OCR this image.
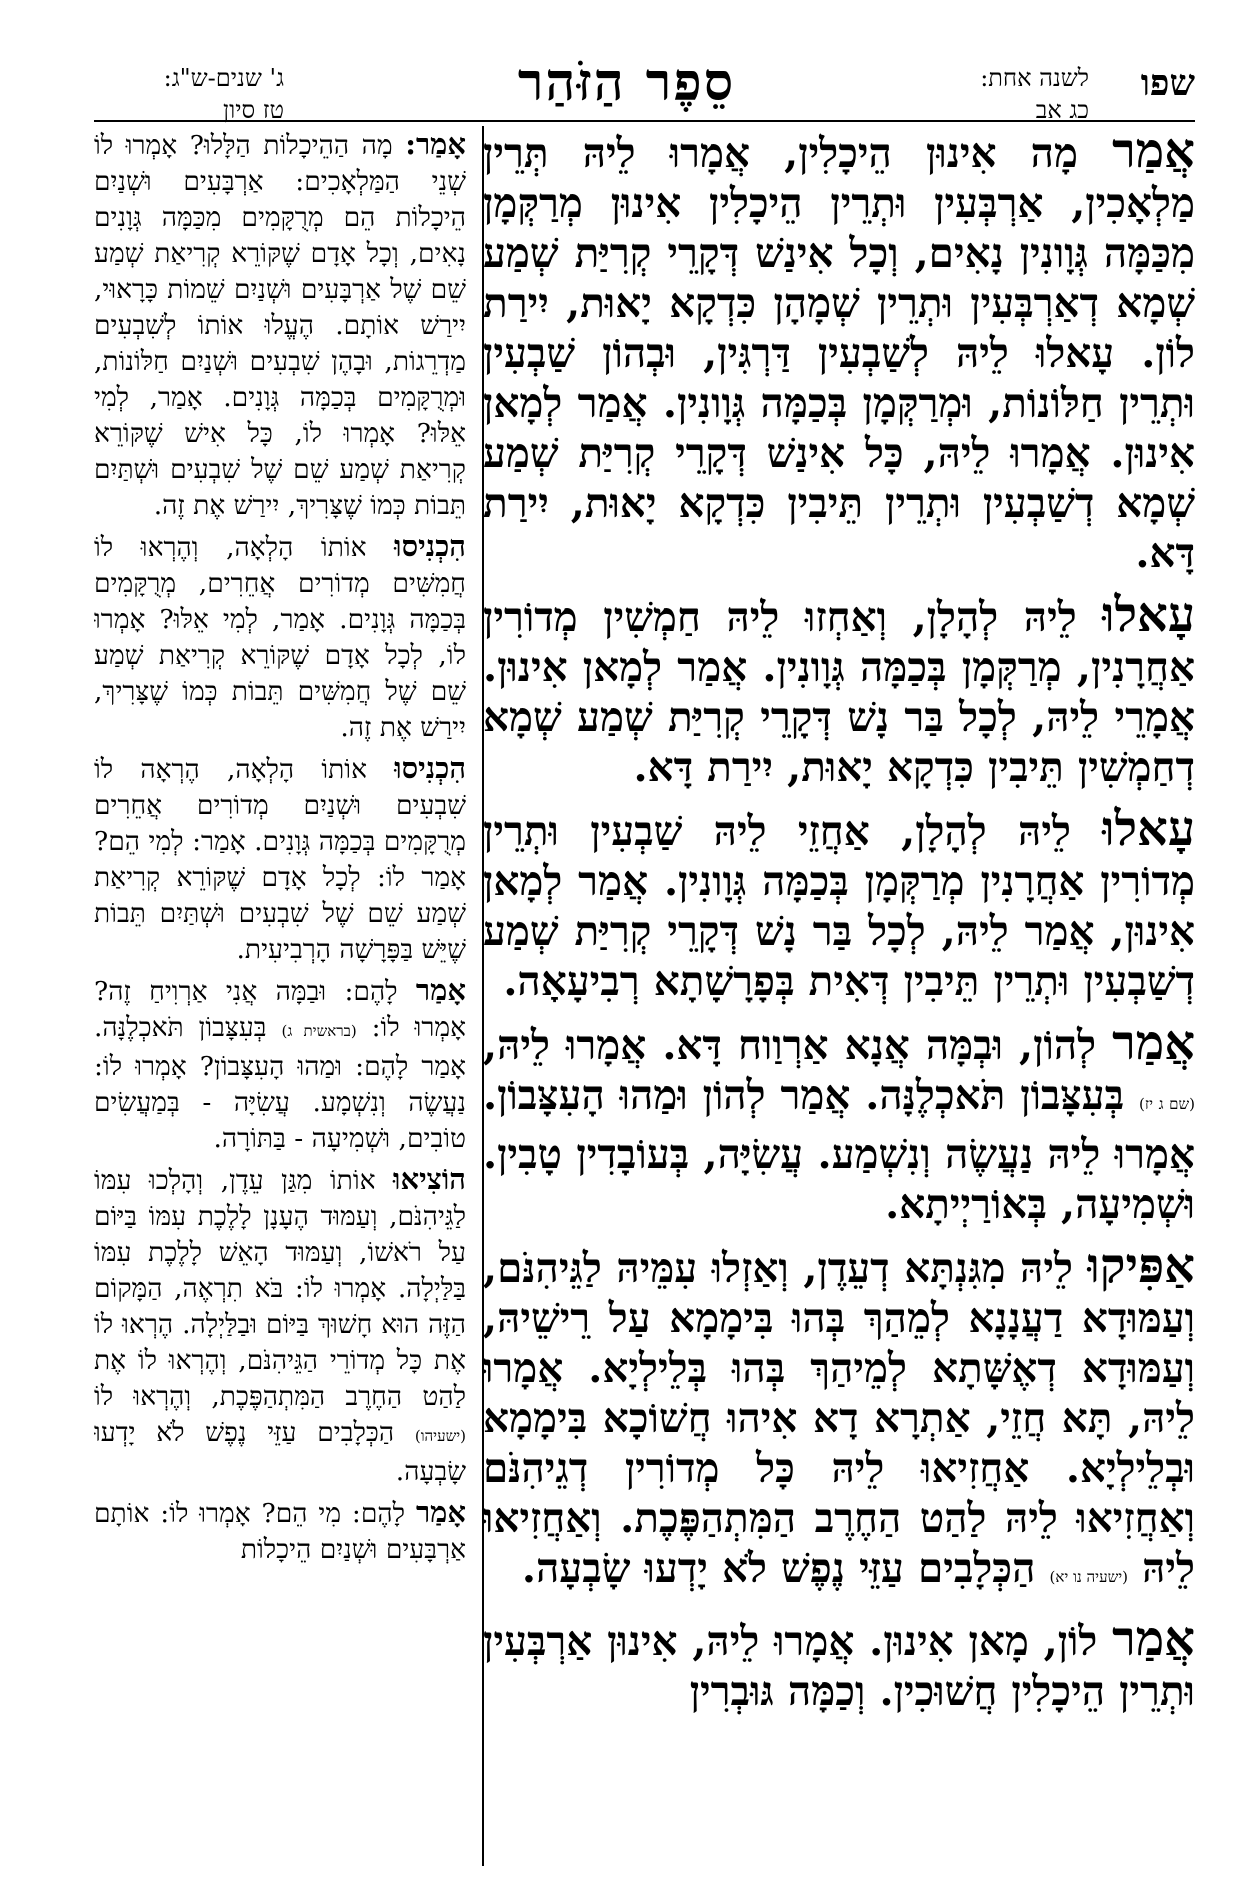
שפו
לשנה אחת:
כג אב
סֵפֶר הַזֹּהַר
ג' שנים-ש"ג:
טז סיון

אֲמַר מָה אִינוּן הֵיכָלִין, אֲמָרוּ לֵיהּ תְּרֵין מַלְאָכִין, אַרְבְּעִין וּתְרֵין הֵיכָלִין אִינוּן מְרַקְּמָן מִכַּמָּה גְּוָונִין נָאִים, וְכָל אִינַשׁ דְּקָרֵי קְרִיַּת שְׁמַע שְׁמָא דְאַרְבְּעִין וּתְרֵין שְׁמָהָן כִּדְקָא יָאוּת, יִירַת לוֹן. עָאלוּ לֵיהּ לְשַׁבְעִין דַּרְגִּין, וּבְהוֹן שַׁבְעִין וּתְרֵין חַלּוֹנוֹת, וּמְרַקְּמָן בְּכַמָּה גְּוָונִין. אֲמַר לְמָאן אִינוּן. אֲמָרוּ לֵיהּ, כָּל אִינַשׁ דְּקָרֵי קְרִיַּת שְׁמַע שְׁמָא דְשַׁבְעִין וּתְרֵין תֵּיבִין כִּדְקָא יָאוּת, יִירַת דָּא.

עָאלוּ לֵיהּ לְהָלָן, וְאַחְזוּ לֵיהּ חַמְשִׁין מְדוֹרִין אַחֲרָנִין, מְרַקְּמָן בְּכַמָּה גְּוָונִין. אֲמַר לְמָאן אִינוּן. אֲמָרֵי לֵיהּ, לְכָל בַּר נָשׁ דְּקָרֵי קְרִיַּת שְׁמַע שְׁמָא דְחַמְשִׁין תֵּיבִין כִּדְקָא יָאוּת, יִירַת דָּא.

עָאלוּ לֵיהּ לְהָלָן, אַחֲזֵי לֵיהּ שַׁבְעִין וּתְרֵין מְדוֹרִין אַחֲרָנִין מְרַקְּמָן בְּכַמָּה גְּוָונִין. אֲמַר לְמָאן אִינוּן, אֲמַר לֵיהּ, לְכָל בַּר נָשׁ דְּקָרֵי קְרִיַּת שְׁמַע דְשַׁבְעִין וּתְרֵין תֵּיבִין דְּאִית בְּפָרָשָׁתָא רְבִיעָאָה.

אֲמַר לְהוֹן, וּבְמָּה אֲנָא אַרְוַוח דָּא. אֲמָרוּ לֵיהּ, (שם ג יז) בְּעִצָּבוֹן תֹּאכְלֶנָּה. אֲמַר לְהוֹן וּמַהוּ הָעִצָּבוֹן. אֲמָרוּ לֵיהּ נַעֲשֶׂה וְנִשְׁמַע. עֲשִׂיָּה, בְּעוֹבָדִין טָבִין. וּשְׁמִיעָה, בְּאוֹרַיְיתָא.

אַפִּיקוּ לֵיהּ מִגִּנְתָּא דְעֵדֶן, וְאַזְלוּ עִמֵּיהּ לַגֵּיהִנֹּם, וְעַמּוּדָא דַעֲנָנָא לְמֵהַךְ בְּהוּ בִּימָמָא עַל רֵישֵׁיהּ, וְעַמּוּדָא דְאֶשָּׁתָא לְמֵיהַךְ בְּהוּ בְּלֵילְיָא. אֲמָרוּ לֵיהּ, תָּא חֲזֵי, אַתְרָא דָא אִיהוּ חֲשׁוֹכָא בִּימָמָא וּבְלֵילְיָא. אַחֲזִיאוּ לֵיהּ כָּל מְדוֹרִין דְגֵיהִנֹּם וְאַחֲזִיאוּ לֵיהּ לַהַט הַחֶרֶב הַמִּתְהַפֶּכֶת. וְאַחֲזִיאוּ לֵיהּ (ישעיה נו יא) הַכְּלָבִים עַזֵּי נֶפֶשׁ לֹא יָדְעוּ שָׂבְעָה.

אֲמַר לוֹן, מָאן אִינוּן. אֲמָרוּ לֵיהּ, אִינוּן אַרְבְּעִין וּתְרֵין הֵיכָלִין חֲשׁוּכִין. וְכַמָּה גּוּבְרִין

אָמַר: מָה הַהֵיכָלוֹת הַלָּלוּ? אָמְרוּ לוֹ שְׁנֵי הַמַּלְאָכִים: אַרְבָּעִים וּשְׁנַיִם הֵיכָלוֹת הֵם מְרֻקָּמִים מִכַּמָּה גְּוָנִים נָאִים, וְכָל אָדָם שֶׁקּוֹרֵא קְרִיאַת שְׁמַע שֵׁם שֶׁל אַרְבָּעִים וּשְׁנַיִם שֵׁמוֹת כָּרָאוּי, יִירַשׁ אוֹתָם. הֶעֱלוּ אוֹתוֹ לְשִׁבְעִים מַדְרֵגוֹת, וּבָהֶן שִׁבְעִים וּשְׁנַיִם חַלּוֹנוֹת, וּמְרֻקָּמִים בְּכַמָּה גְּוָנִים. אָמַר, לְמִי אֵלּוּ? אָמְרוּ לוֹ, כָּל אִישׁ שֶׁקּוֹרֵא קְרִיאַת שְׁמַע שֵׁם שֶׁל שִׁבְעִים וּשְׁתַּיִם תֵּבוֹת כְּמוֹ שֶׁצָּרִיךְ, יִירַשׁ אֶת זֶה.

הִכְנִיסוּ אוֹתוֹ הָלְאָה, וְהֶרְאוּ לוֹ חֲמִשִּׁים מְדוֹרִים אֲחֵרִים, מְרֻקָּמִים בְּכַמָּה גְּוָנִים. אָמַר, לְמִי אֵלּוּ? אָמְרוּ לוֹ, לְכָל אָדָם שֶׁקּוֹרֵא קְרִיאַת שְׁמַע שֵׁם שֶׁל חֲמִשִּׁים תֵּבוֹת כְּמוֹ שֶׁצָּרִיךְ, יִירַשׁ אֶת זֶה.

הִכְנִיסוּ אוֹתוֹ הָלְאָה, הֶרְאָה לוֹ שִׁבְעִים וּשְׁנַיִם מְדוֹרִים אֲחֵרִים מְרֻקָּמִים בְּכַמָּה גְּוָנִים. אָמַר: לְמִי הֵם? אָמַר לוֹ: לְכָל אָדָם שֶׁקּוֹרֵא קְרִיאַת שְׁמַע שֵׁם שֶׁל שִׁבְעִים וּשְׁתַּיִם תֵּבוֹת שֶׁיֵּשׁ בַּפָּרָשָׁה הָרְבִיעִית.

אָמַר לָהֶם: וּבַמָּה אֲנִי אַרְוִיחַ זֶה? אָמְרוּ לוֹ: (בראשית ג) בְּעִצָּבוֹן תֹּאכְלֶנָּה. אָמַר לָהֶם: וּמַהוּ הָעִצָּבוֹן? אָמְרוּ לוֹ: נַעֲשֶׂה וְנִשְׁמָע. עֲשִׂיָּה - בְּמַעֲשִׂים טוֹבִים, וּשְׁמִיעָה - בַּתּוֹרָה.

הוֹצִיאוּ אוֹתוֹ מִגַּן עֵדֶן, וְהָלְכוּ עִמּוֹ לַגֵּיהִנֹּם, וְעַמּוּד הֶעָנָן לָלֶכֶת עִמּוֹ בַּיּוֹם עַל רֹאשׁוֹ, וְעַמּוּד הָאֵשׁ לָלֶכֶת עִמּוֹ בַּלַּיְלָה. אָמְרוּ לוֹ: בֹּא תִרְאֶה, הַמָּקוֹם הַזֶּה הוּא חָשׁוּךְ בַּיּוֹם וּבַלַּיְלָה. הֶרְאוּ לוֹ אֶת כָּל מְדוֹרֵי הַגֵּיהִנֹּם, וְהֶרְאוּ לוֹ אֶת לַהַט הַחֶרֶב הַמִּתְהַפֶּכֶת, וְהֶרְאוּ לוֹ (ישעיהו) הַכְּלָבִים עַזֵּי נֶפֶשׁ לֹא יָדְעוּ שָׂבְעָה.

אָמַר לָהֶם: מִי הֵם? אָמְרוּ לוֹ: אוֹתָם אַרְבָּעִים וּשְׁנַיִם הֵיכָלוֹת
